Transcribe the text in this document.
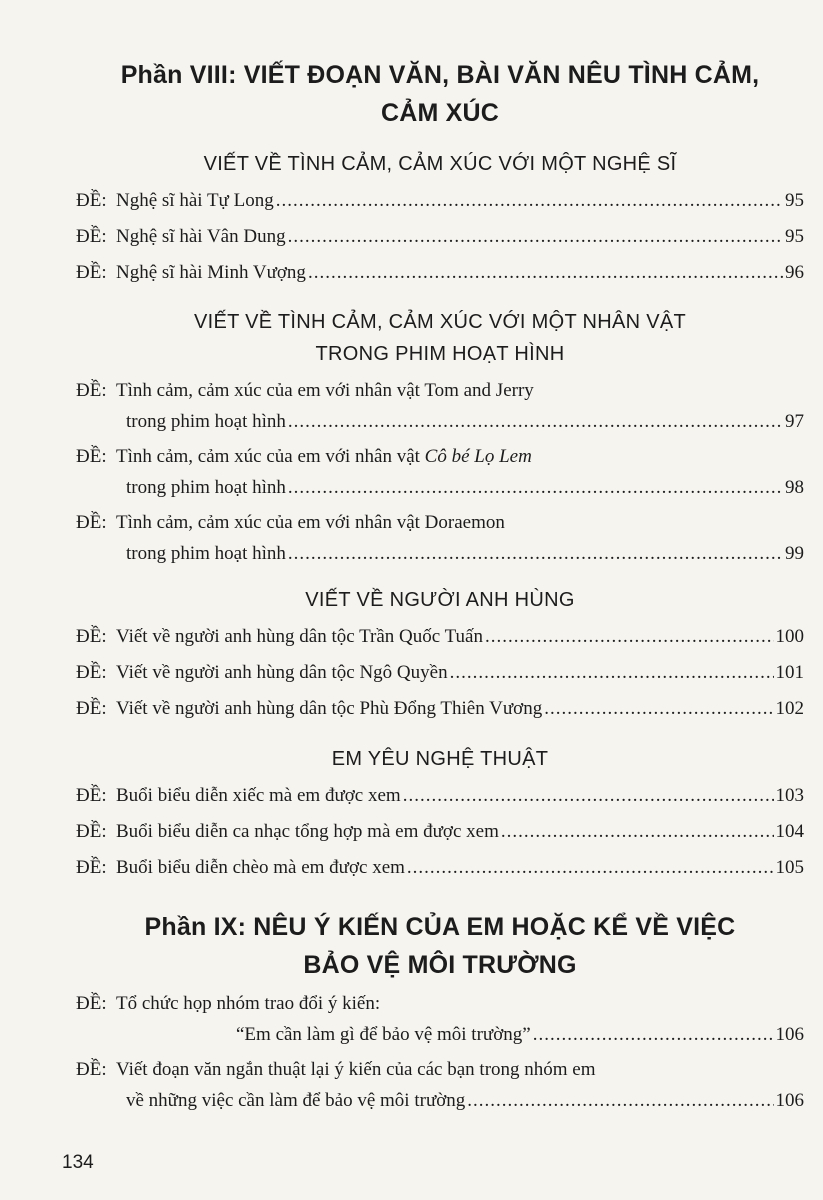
Phần VIII: VIẾT ĐOẠN VĂN, BÀI VĂN NÊU TÌNH CẢM,

CẢM XÚC

VIẾT VỀ TÌNH CẢM, CẢM XÚC VỚI MỘT NGHỆ SĨ

ĐỀ: Nghệ sĩ hài Tự Long .....	95
ĐỀ: Nghệ sĩ hài Vân Dung .....	95
ĐỀ: Nghệ sĩ hài Minh Vượng .....	96

VIẾT VỀ TÌNH CẢM, CẢM XÚC VỚI MỘT NHÂN VẬT

TRONG PHIM HOẠT HÌNH

ĐỀ: Tình cảm, cảm xúc của em với nhân vật Tom and Jerry
trong phim hoạt hình .....	97
ĐỀ: Tình cảm, cảm xúc của em với nhân vật Cô bé Lọ Lem
trong phim hoạt hình .....	98
ĐỀ: Tình cảm, cảm xúc của em với nhân vật Doraemon
trong phim hoạt hình .....	99

VIẾT VỀ NGƯỜI ANH HÙNG

ĐỀ: Viết về người anh hùng dân tộc Trần Quốc Tuấn .....	100
ĐỀ: Viết về người anh hùng dân tộc Ngô Quyền .....	101
ĐỀ: Viết về người anh hùng dân tộc Phù Đổng Thiên Vương .....	102

EM YÊU NGHỆ THUẬT

ĐỀ: Buổi biểu diễn xiếc mà em được xem .....	103
ĐỀ: Buổi biểu diễn ca nhạc tổng hợp mà em được xem .....	104
ĐỀ: Buổi biểu diễn chèo mà em được xem .....	105

Phần IX: NÊU Ý KIẾN CỦA EM HOẶC KỂ VỀ VIỆC

BẢO VỆ MÔI TRƯỜNG

ĐỀ: Tổ chức họp nhóm trao đổi ý kiến:
“Em cần làm gì để bảo vệ môi trường” .....	106
ĐỀ: Viết đoạn văn ngắn thuật lại ý kiến của các bạn trong nhóm em
về những việc cần làm để bảo vệ môi trường .....	106
134
